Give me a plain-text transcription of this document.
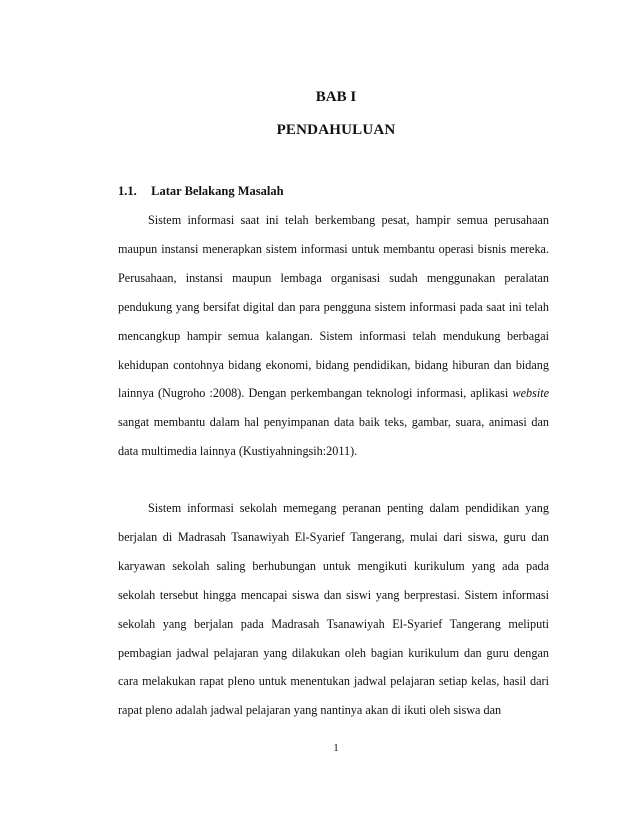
BAB I
PENDAHULUAN
1.1. Latar Belakang Masalah

Sistem informasi saat ini telah berkembang pesat, hampir semua perusahaan maupun instansi menerapkan sistem informasi untuk membantu operasi bisnis mereka. Perusahaan, instansi maupun lembaga organisasi sudah menggunakan peralatan pendukung yang bersifat digital dan para pengguna sistem informasi pada saat ini telah mencangkup hampir semua kalangan. Sistem informasi telah mendukung berbagai kehidupan contohnya bidang ekonomi, bidang pendidikan, bidang hiburan dan bidang lainnya (Nugroho :2008). Dengan perkembangan teknologi informasi, aplikasi website sangat membantu dalam hal penyimpanan data baik teks, gambar, suara, animasi dan data multimedia lainnya (Kustiyahningsih:2011).

Sistem informasi sekolah memegang peranan penting dalam pendidikan yang berjalan di Madrasah Tsanawiyah El-Syarief Tangerang, mulai dari siswa, guru dan karyawan sekolah saling berhubungan untuk mengikuti kurikulum yang ada pada sekolah tersebut hingga mencapai siswa dan siswi yang berprestasi. Sistem informasi sekolah yang berjalan pada Madrasah Tsanawiyah El-Syarief Tangerang meliputi pembagian jadwal pelajaran yang dilakukan oleh bagian kurikulum dan guru dengan cara melakukan rapat pleno untuk menentukan jadwal pelajaran setiap kelas, hasil dari rapat pleno adalah jadwal pelajaran yang nantinya akan di ikuti oleh siswa dan

1
